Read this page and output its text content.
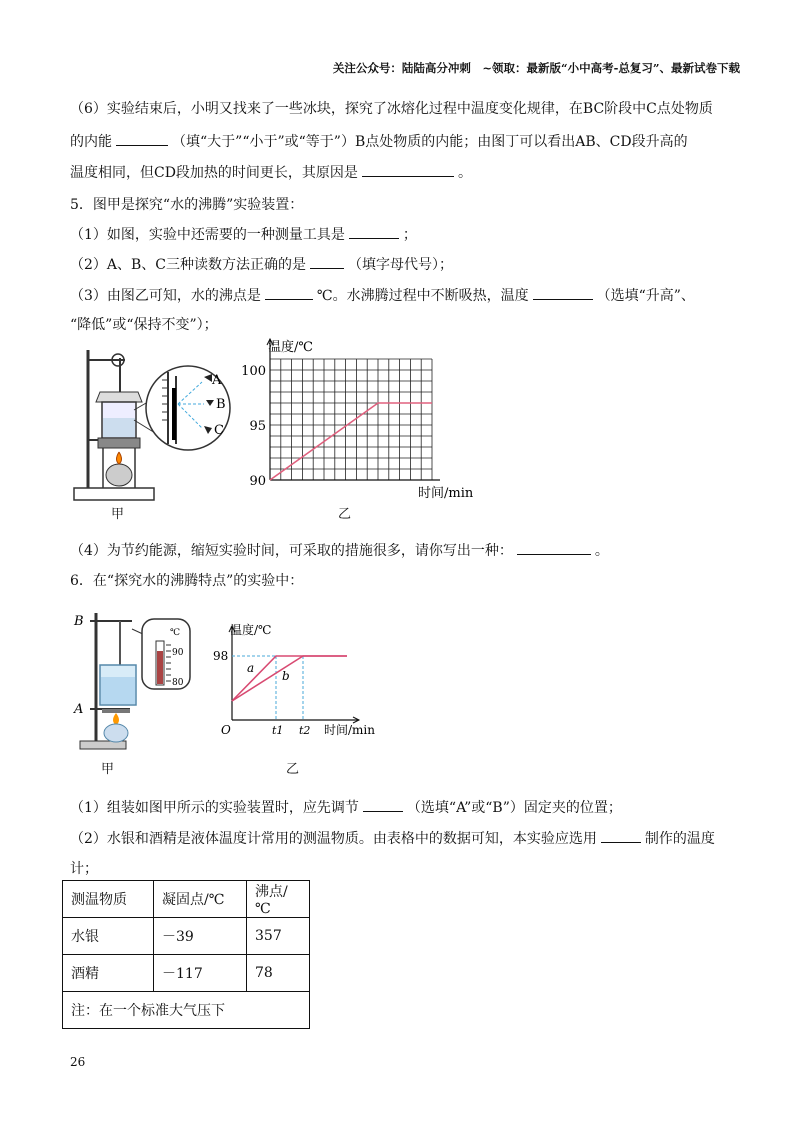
关注公众号：陆陆高分冲刺　~领取：最新版“小中高考-总复习”、最新试卷下载
（6）实验结束后，小明又找来了一些冰块，探究了冰熔化过程中温度变化规律，在BC阶段中C点处物质
的内能	（填“大于”“小于”或“等于”）B点处物质的内能；由图丁可以看出AB、CD段升高的
温度相同，但CD段加热的时间更长，其原因是	。
5．图甲是探究“水的沸腾”实验装置：
（1）如图，实验中还需要的一种测量工具是	；
（2）A、B、C三种读数方法正确的是	（填字母代号）；
（3）由图乙可知，水的沸点是	℃。水沸腾过程中不断吸热，温度	（选填“升高”、
“降低”或“保持不变”）；
A
B
C
甲
90
95
100
温度/℃
时间/min
乙
（4）为节约能源，缩短实验时间，可采取的措施很多，请你写出一种：	。
6．在“探究水的沸腾特点”的实验中：
B
A
℃
90
80
甲
温度/℃
时间/min
98
O	t1 t2
a
b
乙
（1）组装如图甲所示的实验装置时，应先调节	（选填“A”或“B”）固定夹的位置；
（2）水银和酒精是液体温度计常用的测温物质。由表格中的数据可知，本实验应选用	制作的温度
计；
测温物质	凝固点/℃	沸点/℃
水银	－39	357
酒精	－117	78
注：在一个标准大气压下		
26
